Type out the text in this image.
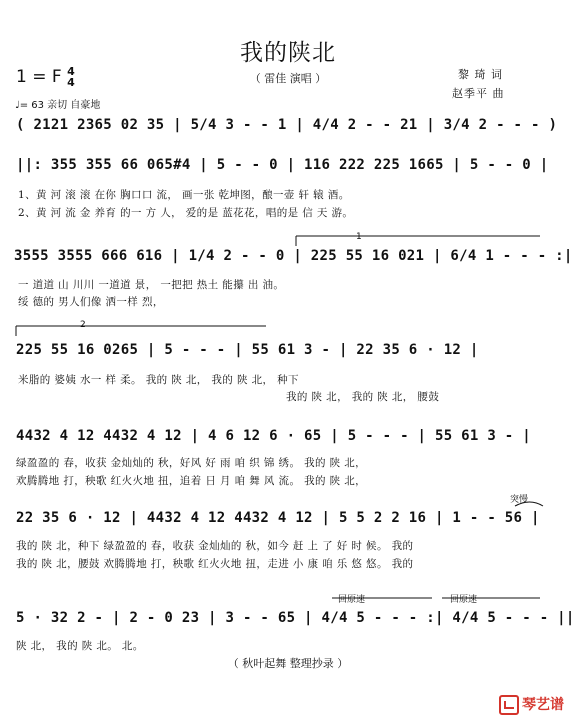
我的陕北
（ 雷佳 演唱 ）
1 = F 4
4
♩= 63 亲切 自豪地
黎 琦 词
赵季平 曲
( 2121 2365 02 35 | 5/4 3 - - 1 | 4/4 2 - - 21 | 3/4 2 - - - )
||: 355 355 66 065#4 | 5 - - 0 | 116 222 225 1665 | 5 - - 0 |
1、黄 河 滚 滚 在你 胸口口 流， 画一张 乾坤图，酿一壶 轩 辕 酒。
2、黄 河 流 金 养育 的一 方 人， 爱的是 蓝花花，唱的是 信 天 游。
1
3555 3555 666 616 | 1/4 2 - - 0 | 225 55 16 021 | 6/4 1 - - - :|
一 道道 山 川川 一道道 景， 一把把 热土 能攥 出 油。
绥 德的 男人们像 洒一样 烈，
2
225 55 16 0265 | 5 - - - | 55 61 3 - | 22 35 6 · 12 |
米脂的 婆姨 水一 样 柔。 我的 陕 北， 我的 陕 北， 种下
我的 陕 北， 我的 陕 北， 腰鼓
4432 4 12 4432 4 12 | 4 6 12 6 · 65 | 5 - - - | 55 61 3 - |
绿盈盈的 春，收获 金灿灿的 秋，好风 好 雨 咱 织 锦 绣。 我的 陕 北，
欢腾腾地 打，秧歌 红火火地 扭，追着 日 月 咱 舞 风 流。 我的 陕 北，
突慢
22 35 6 · 12 | 4432 4 12 4432 4 12 | 5 5 2 2 16 | 1 - - 56 |
我的 陕 北，种下 绿盈盈的 春，收获 金灿灿的 秋，如今 赶 上 了 好 时 候。 我的
我的 陕 北，腰鼓 欢腾腾地 打，秧歌 红火火地 扭，走进 小 康 咱 乐 悠 悠。 我的
回原速	回原速
5 · 32 2 - | 2 - 0 23 | 3 - - 65 | 4/4 5 - - - :| 4/4 5 - - - ||
陕 北， 我的 陕 北。 北。
（ 秋叶起舞 整理抄录 ）
琴艺谱
